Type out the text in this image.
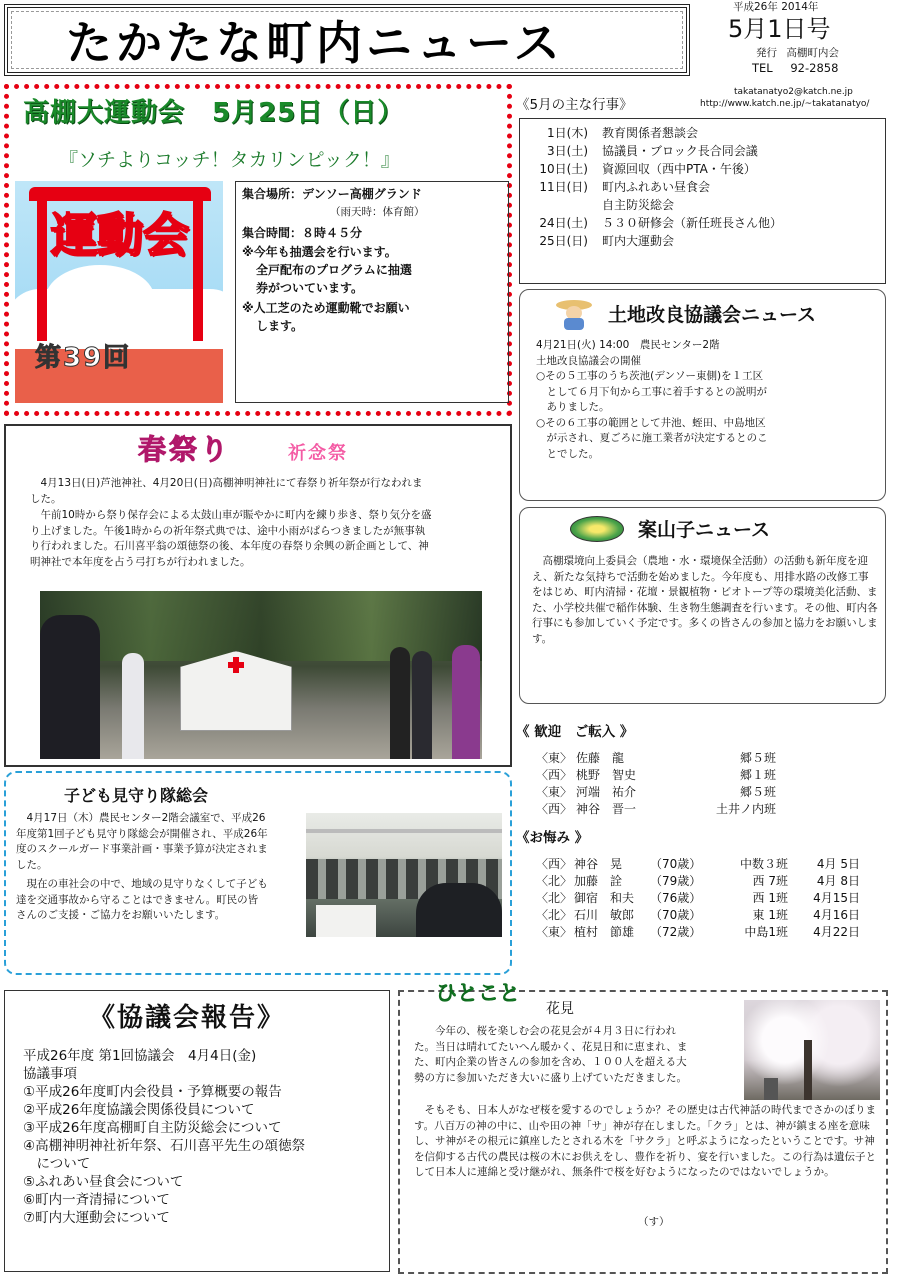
たかたな町内ニュース
平成26年 2014年
5月1日号
発行 高棚町内会
TEL 92-2858
takatanatyo2@katch.ne.jp
http://www.katch.ne.jp/~takatanatyo/
高棚大運動会　5月25日（日）
『ソチよりコッチ！タカリンピック！』
運動会
第39回
集合場所：デンソー高棚グランド
（雨天時：体育館）
集合時間：８時４５分
※今年も抽選会を行います。
全戸配布のプログラムに抽選
券がついています。
※人工芝のため運動靴でお願い
します。
《5月の主な行事》
1日(木)	教育関係者懇談会
3日(土)	協議員・ブロック長合同会議
10日(土)	資源回収（西中PTA・午後）
11日(日)	町内ふれあい昼食会
自主防災総会
24日(土)	５３０研修会（新任班長さん他）
25日(日)	町内大運動会
土地改良協議会ニュース
4月21日(火) 14:00　農民センター2階
土地改良協議会の開催
○その５工事のうち茨池(デンソー東側)を１工区
　として６月下旬から工事に着手するとの説明が
　ありました。
○その６工事の範囲として井池、蛭田、中島地区
　が示され、夏ごろに施工業者が決定するとのこ
　とでした。
案山子ニュース
高棚環境向上委員会（農地・水・環境保全活動）の活動も新年度を迎え、新たな気持ちで活動を始めました。今年度も、用排水路の改修工事をはじめ、町内清掃・花壇・景観植物・ビオトープ等の環境美化活動、また、小学校共催で稲作体験、生き物生態調査を行います。その他、町内各行事にも参加していく予定です。多くの皆さんの参加と協力をお願いします。
春祭り	祈念祭
4月13日(日)芦池神社、4月20日(日)高棚神明神社にて春祭り祈年祭が行なわれました。
午前10時から祭り保存会による太鼓山車が賑やかに町内を練り歩き、祭り気分を盛り上げました。午後1時からの祈年祭式典では、途中小雨がぱらつきましたが無事執り行われました。石川喜平翁の頌徳祭の後、本年度の春祭り余興の新企画として、神明神社で本年度を占う弓打ちが行われました。
子ども見守り隊総会
4月17日（木）農民センター2階会議室で、平成26年度第1回子ども見守り隊総会が開催され、平成26年度のスクールガード事業計画・事業予算が決定されました。
現在の車社会の中で、地域の見守りなくして子ども達を交通事故から守ることはできません。町民の皆さんのご支援・ご協力をお願いいたします。
《 歓迎　ご転入 》
〈東〉 佐藤　龍	郷５班
〈西〉 桃野　智史	郷１班
〈東〉 河端　祐介	郷５班
〈西〉 神谷　晋一	土井ノ内班
《お悔み 》
〈西〉 神谷　晃	（70歳）	中数３班	4月 5日
〈北〉 加藤　詮	（79歳）	西 7班	4月 8日
〈北〉 御宿　和夫	（76歳）	西 1班	4月15日
〈北〉 石川　敏郎	（70歳）	東 1班	4月16日
〈東〉 植村　節雄	（72歳）	中島1班	4月22日
《協議会報告》
平成26年度 第1回協議会　4月4日(金)
協議事項
①平成26年度町内会役員・予算概要の報告
②平成26年度協議会関係役員について
③平成26年度高棚町自主防災総会について
④高棚神明神社祈年祭、石川喜平先生の頌徳祭
　について
⑤ふれあい昼食会について
⑥町内一斉清掃について
⑦町内大運動会について
花見
今年の、桜を楽しむ会の花見会が４月３日に行われた。当日は晴れてたいへん暖かく、花見日和に恵まれ、また、町内企業の皆さんの参加を含め、１００人を超える大勢の方に参加いただき大いに盛り上げていただきました。
そもそも、日本人がなぜ桜を愛するのでしょうか？その歴史は古代神話の時代までさかのぼります。八百万の神の中に、山や田の神「サ」神が存在しました。「クラ」とは、神が鎮まる座を意味し、サ神がその根元に鎮座したとされる木を「サクラ」と呼ぶようになったということです。サ神を信仰する古代の農民は桜の木にお供えをし、豊作を祈り、宴を行いました。この行為は遺伝子として日本人に連綿と受け継がれ、無条件で桜を好むようになったのではないでしょうか。
（す）
ひとこと
